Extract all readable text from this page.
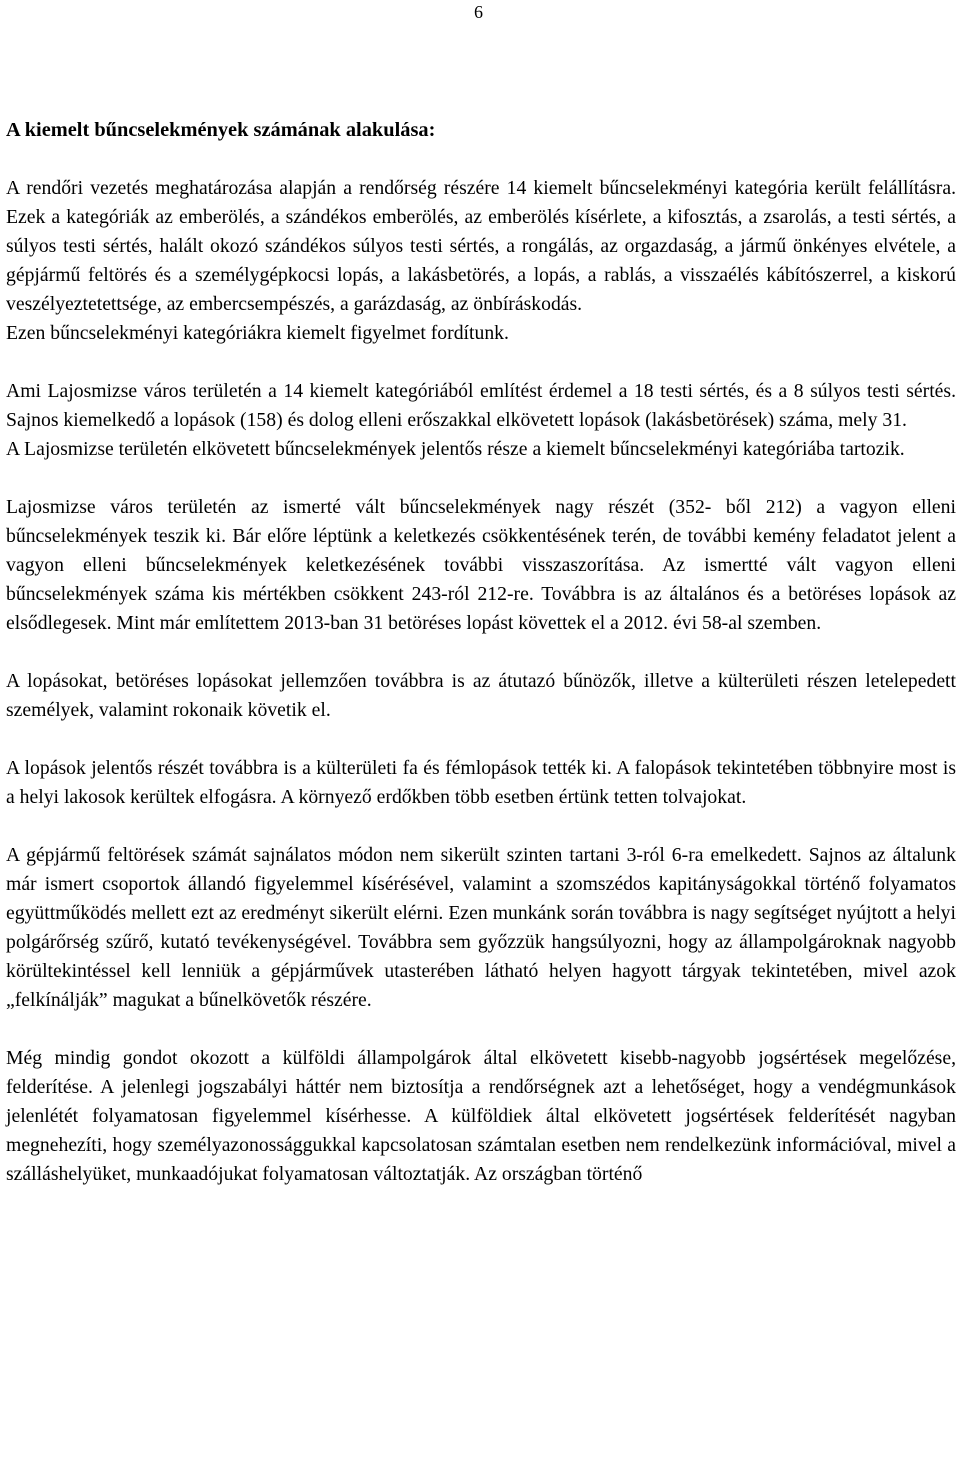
6
A kiemelt bűncselekmények számának alakulása:

A rendőri vezetés meghatározása alapján a rendőrség részére 14 kiemelt bűncselekményi kategória került felállításra. Ezek a kategóriák az emberölés, a szándékos emberölés, az emberölés kísérlete, a kifosztás, a zsarolás, a testi sértés, a súlyos testi sértés, halált okozó szándékos súlyos testi sértés, a rongálás, az orgazdaság, a jármű önkényes elvétele, a gépjármű feltörés és a személygépkocsi lopás, a lakásbetörés, a lopás, a rablás, a visszaélés kábítószerrel, a kiskorú veszélyeztetettsége, az embercsempészés, a garázdaság, az önbíráskodás.

Ezen bűncselekményi kategóriákra kiemelt figyelmet fordítunk.

Ami Lajosmizse város területén a 14 kiemelt kategóriából említést érdemel a 18 testi sértés, és a 8 súlyos testi sértés. Sajnos kiemelkedő a lopások (158) és dolog elleni erőszakkal elkövetett lopások (lakásbetörések) száma, mely 31.

A Lajosmizse területén elkövetett bűncselekmények jelentős része a kiemelt bűncselekményi kategóriába tartozik.

Lajosmizse város területén az ismerté vált bűncselekmények nagy részét (352- ből 212) a vagyon elleni bűncselekmények teszik ki. Bár előre léptünk a keletkezés csökkentésének terén, de további kemény feladatot jelent a vagyon elleni bűncselekmények keletkezésének további visszaszorítása. Az ismertté vált vagyon elleni bűncselekmények száma kis mértékben csökkent 243-ról 212-re. Továbbra is az általános és a betöréses lopások az elsődlegesek. Mint már említettem 2013-ban 31 betöréses lopást követtek el a 2012. évi 58-al szemben.

A lopásokat, betöréses lopásokat jellemzően továbbra is az átutazó bűnözők, illetve a külterületi részen letelepedett személyek, valamint rokonaik követik el.

A lopások jelentős részét továbbra is a külterületi fa és fémlopások tették ki. A falopások tekintetében többnyire most is a helyi lakosok kerültek elfogásra. A környező erdőkben több esetben értünk tetten tolvajokat.

A gépjármű feltörések számát sajnálatos módon nem sikerült szinten tartani 3-ról 6-ra emelkedett. Sajnos az általunk már ismert csoportok állandó figyelemmel kísérésével, valamint a szomszédos kapitányságokkal történő folyamatos együttműködés mellett ezt az eredményt sikerült elérni. Ezen munkánk során továbbra is nagy segítséget nyújtott a helyi polgárőrség szűrő, kutató tevékenységével. Továbbra sem győzzük hangsúlyozni, hogy az állampolgároknak nagyobb körültekintéssel kell lenniük a gépjárművek utasterében látható helyen hagyott tárgyak tekintetében, mivel azok „felkínálják” magukat a bűnelkövetők részére.

Még mindig gondot okozott a külföldi állampolgárok által elkövetett kisebb-nagyobb jogsértések megelőzése, felderítése. A jelenlegi jogszabályi háttér nem biztosítja a rendőrségnek azt a lehetőséget, hogy a vendégmunkások jelenlétét folyamatosan figyelemmel kísérhesse. A külföldiek által elkövetett jogsértések felderítését nagyban megnehezíti, hogy személyazonossággukkal kapcsolatosan számtalan esetben nem rendelkezünk információval, mivel a szálláshelyüket, munkaadójukat folyamatosan változtatják. Az országban történő
